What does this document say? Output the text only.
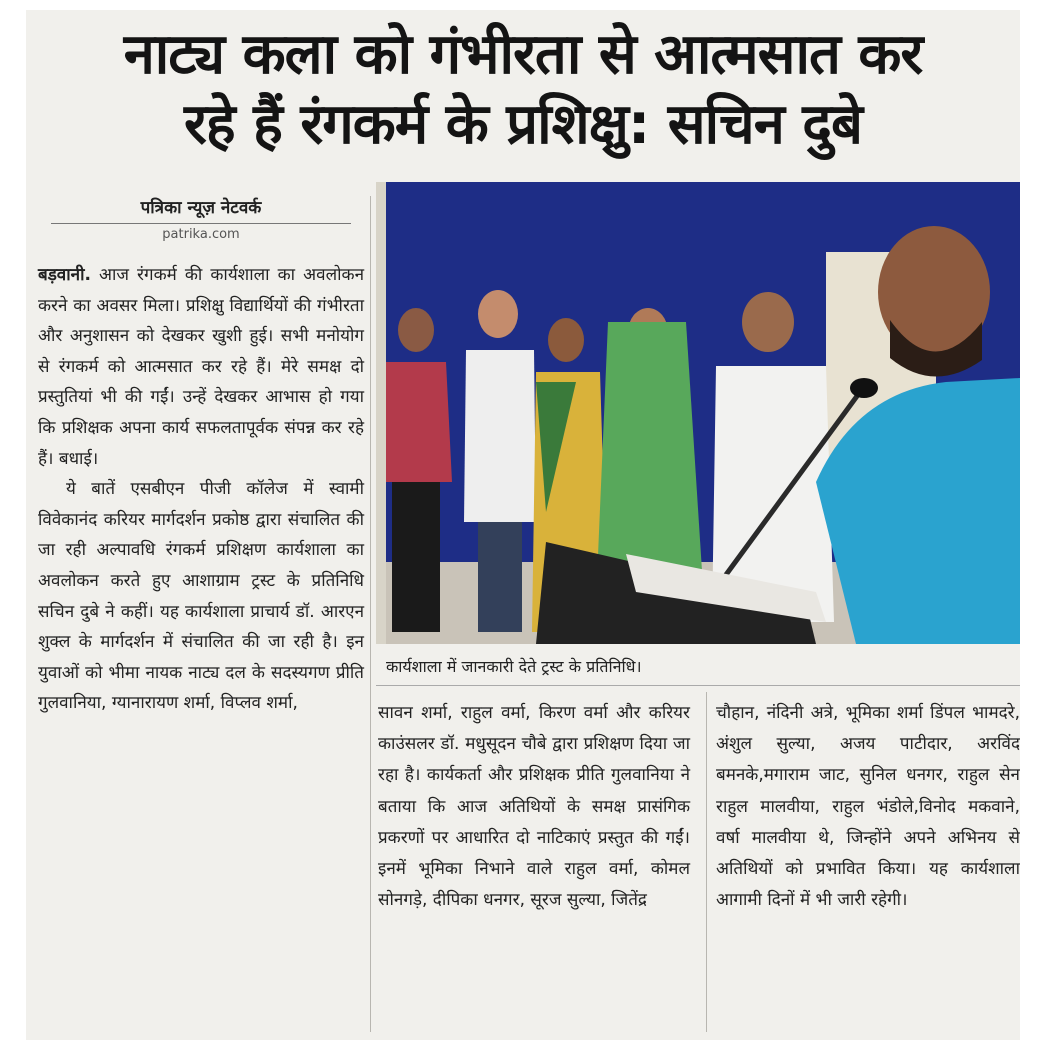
नाट्य कला को गंभीरता से आत्मसात कर
रहे हैं रंगकर्म के प्रशिक्षु: सचिन दुबे
पत्रिका न्यूज़ नेटवर्क
patrika.com

बड़वानी. आज रंगकर्म की कार्यशाला का अवलोकन करने का अवसर मिला। प्रशिक्षु विद्यार्थियों की गंभीरता और अनुशासन को देखकर खुशी हुई। सभी मनोयोग से रंगकर्म को आत्मसात कर रहे हैं। मेरे समक्ष दो प्रस्तुतियां भी की गईं। उन्हें देखकर आभास हो गया कि प्रशिक्षक अपना कार्य सफलतापूर्वक संपन्न कर रहे हैं। बधाई।

ये बातें एसबीएन पीजी कॉलेज में स्वामी विवेकानंद करियर मार्गदर्शन प्रकोष्ठ द्वारा संचालित की जा रही अल्पावधि रंगकर्म प्रशिक्षण कार्यशाला का अवलोकन करते हुए आशाग्राम ट्रस्ट के प्रतिनिधि सचिन दुबे ने कहीं। यह कार्यशाला प्राचार्य डॉ. आरएन शुक्ल के मार्गदर्शन में संचालित की जा रही है। इन युवाओं को भीमा नायक नाट्य दल के सदस्यगण प्रीति गुलवानिया, ग्यानारायण शर्मा, विप्लव शर्मा,

कार्यशाला में जानकारी देते ट्रस्ट के प्रतिनिधि।
सावन शर्मा, राहुल वर्मा, किरण वर्मा और करियर काउंसलर डॉ. मधुसूदन चौबे द्वारा प्रशिक्षण दिया जा रहा है। कार्यकर्ता और प्रशिक्षक प्रीति गुलवानिया ने बताया कि आज अतिथियों के समक्ष प्रासंगिक प्रकरणों पर आधारित दो नाटिकाएं प्रस्तुत की गईं। इनमें भूमिका निभाने वाले राहुल वर्मा, कोमल सोनगड़े, दीपिका धनगर, सूरज सुल्या, जितेंद्र
चौहान, नंदिनी अत्रे, भूमिका शर्मा डिंपल भामदरे, अंशुल सुल्या, अजय पाटीदार, अरविंद बमनके,मगाराम जाट, सुनिल धनगर, राहुल सेन राहुल मालवीया, राहुल भंडोले,विनोद मकवाने, वर्षा मालवीया थे, जिन्होंने अपने अभिनय से अतिथियों को प्रभावित किया। यह कार्यशाला आगामी दिनों में भी जारी रहेगी।
